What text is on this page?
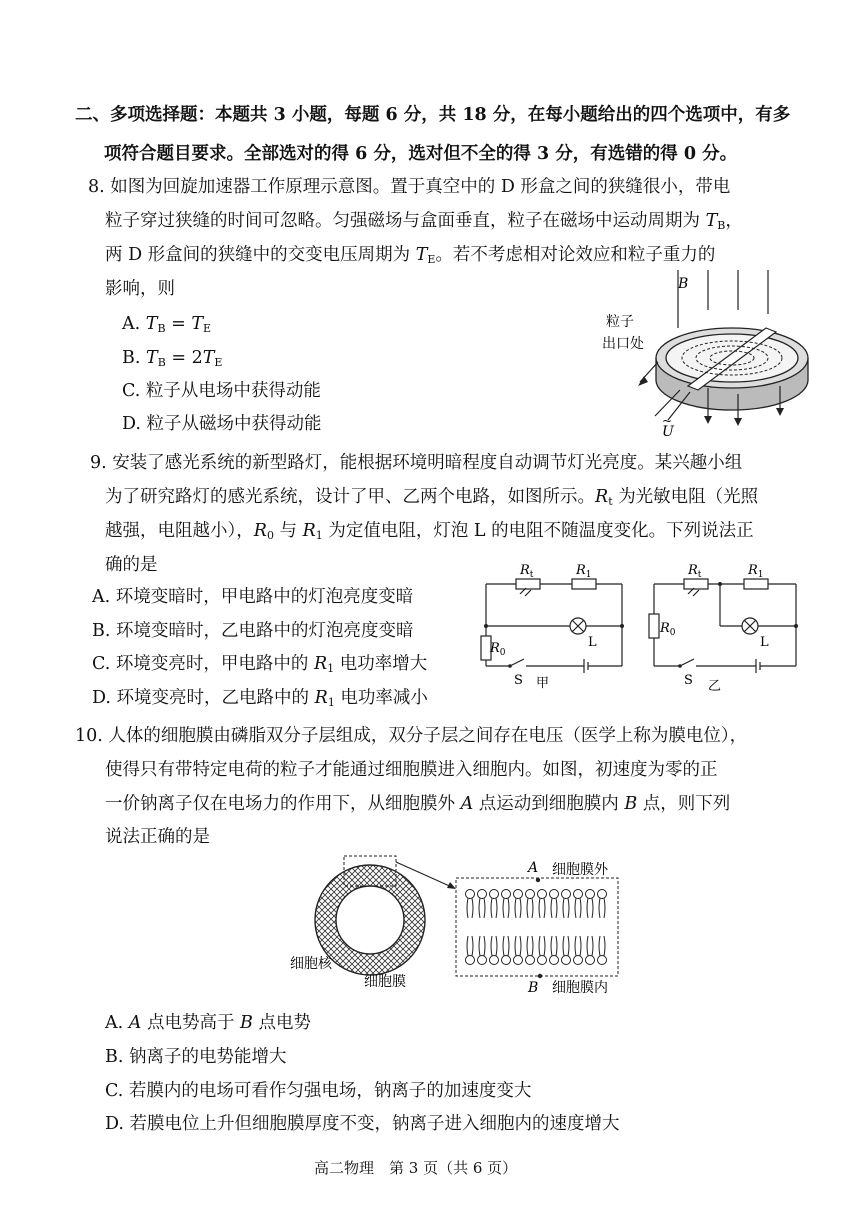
二、多项选择题：本题共 3 小题，每题 6 分，共 18 分，在每小题给出的四个选项中，有多
项符合题目要求。全部选对的得 6 分，选对但不全的得 3 分，有选错的得 0 分。
8. 如图为回旋加速器工作原理示意图。置于真空中的 D 形盒之间的狭缝很小，带电
粒子穿过狭缝的时间可忽略。匀强磁场与盒面垂直，粒子在磁场中运动周期为 $T_B$，
两 D 形盒间的狭缝中的交变电压周期为 $T_E$。若不考虑相对论效应和粒子重力的
影响，则
A. $T_B = T_E$
B. $T_B = 2T_E$
C. 粒子从电场中获得动能
D. 粒子从磁场中获得动能
B
粒子
出口处
U
~
9. 安装了感光系统的新型路灯，能根据环境明暗程度自动调节灯光亮度。某兴趣小组
为了研究路灯的感光系统，设计了甲、乙两个电路，如图所示。$R_t$ 为光敏电阻（光照
越强，电阻越小），$R_0$ 与 $R_1$ 为定值电阻，灯泡 L 的电阻不随温度变化。下列说法正
确的是
A. 环境变暗时，甲电路中的灯泡亮度变暗
B. 环境变暗时，乙电路中的灯泡亮度变暗
C. 环境变亮时，甲电路中的 $R_1$ 电功率增大
D. 环境变亮时，乙电路中的 $R_1$ 电功率减小
$R_t$	$R_1$
$R_0$
L
S 甲
$R_t$	$R_1$
$R_0$
L
S 乙
10. 人体的细胞膜由磷脂双分子层组成，双分子层之间存在电压（医学上称为膜电位），
使得只有带特定电荷的粒子才能通过细胞膜进入细胞内。如图，初速度为零的正
一价钠离子仅在电场力的作用下，从细胞膜外 A 点运动到细胞膜内 B 点，则下列
说法正确的是
A 细胞膜外
B 细胞膜内
细胞核
细胞膜
A. A 点电势高于 B 点电势
B. 钠离子的电势能增大
C. 若膜内的电场可看作匀强电场，钠离子的加速度变大
D. 若膜电位上升但细胞膜厚度不变，钠离子进入细胞内的速度增大
高二物理　第 3 页（共 6 页）
